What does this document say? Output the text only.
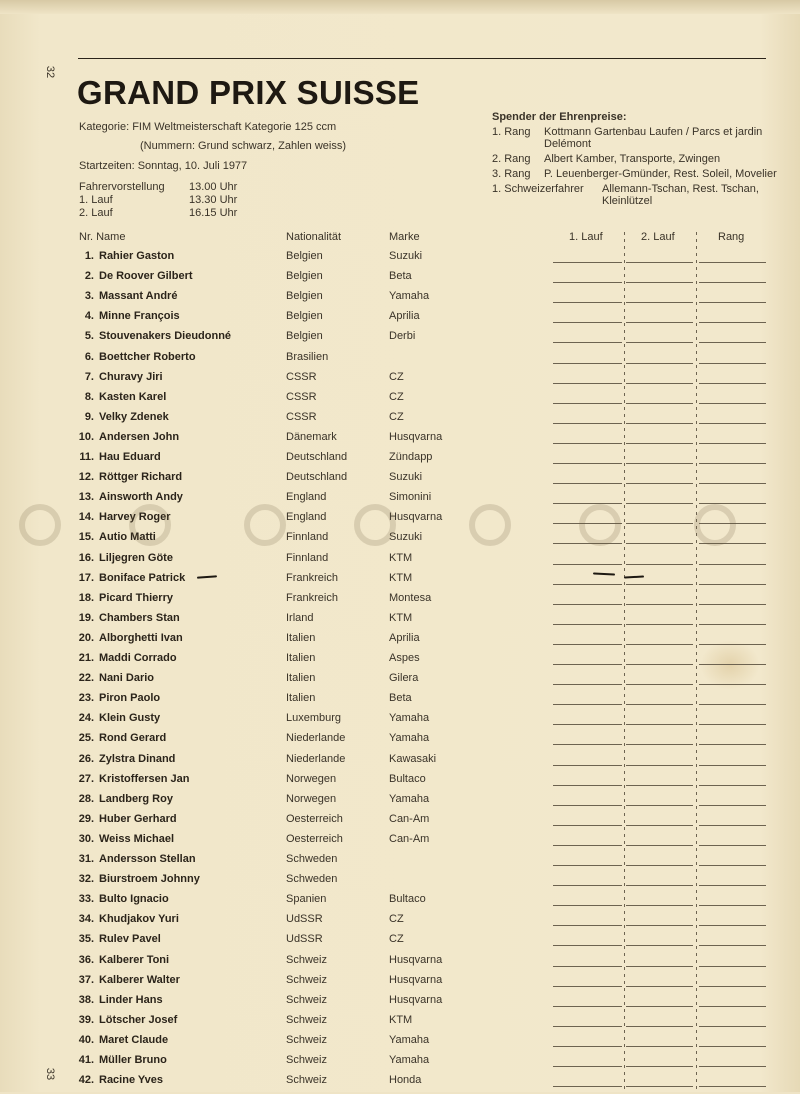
32
33
GRAND PRIX SUISSE
Kategorie: FIM Weltmeisterschaft Kategorie 125 ccm
(Nummern: Grund schwarz, Zahlen weiss)
Startzeiten: Sonntag, 10. Juli 1977
Fahrervorstellung	13.00 Uhr
1. Lauf	13.30 Uhr
2. Lauf	16.15 Uhr
Spender der Ehrenpreise:
1. Rang	Kottmann Gartenbau Laufen / Parcs et jardin Delémont
2. Rang	Albert Kamber, Transporte, Zwingen
3. Rang	P. Leuenberger-Gmünder, Rest. Soleil, Movelier
1. Schweizerfahrer	Allemann-Tschan, Rest. Tschan, Kleinlützel
Nr. Name	Nationalität	Marke	1. Lauf	2. Lauf	Rang
1. Rahier Gaston	Belgien	Suzuki
2. De Roover Gilbert	Belgien	Beta
3. Massant André	Belgien	Yamaha
4. Minne François	Belgien	Aprilia
5. Stouvenakers Dieudonné	Belgien	Derbi
6. Boettcher Roberto	Brasilien
7. Churavy Jiri	CSSR	CZ
8. Kasten Karel	CSSR	CZ
9. Velky Zdenek	CSSR	CZ
10. Andersen John	Dänemark	Husqvarna
11. Hau Eduard	Deutschland	Zündapp
12. Röttger Richard	Deutschland	Suzuki
13. Ainsworth Andy	England	Simonini
14. Harvey Roger	England	Husqvarna
15. Autio Matti	Finnland	Suzuki
16. Liljegren Göte	Finnland	KTM
17. Boniface Patrick	Frankreich	KTM
18. Picard Thierry	Frankreich	Montesa
19. Chambers Stan	Irland	KTM
20. Alborghetti Ivan	Italien	Aprilia
21. Maddi Corrado	Italien	Aspes
22. Nani Dario	Italien	Gilera
23. Piron Paolo	Italien	Beta
24. Klein Gusty	Luxemburg	Yamaha
25. Rond Gerard	Niederlande	Yamaha
26. Zylstra Dinand	Niederlande	Kawasaki
27. Kristoffersen Jan	Norwegen	Bultaco
28. Landberg Roy	Norwegen	Yamaha
29. Huber Gerhard	Oesterreich	Can-Am
30. Weiss Michael	Oesterreich	Can-Am
31. Andersson Stellan	Schweden
32. Biurstroem Johnny	Schweden
33. Bulto Ignacio	Spanien	Bultaco
34. Khudjakov Yuri	UdSSR	CZ
35. Rulev Pavel	UdSSR	CZ
36. Kalberer Toni	Schweiz	Husqvarna
37. Kalberer Walter	Schweiz	Husqvarna
38. Linder Hans	Schweiz	Husqvarna
39. Lötscher Josef	Schweiz	KTM
40. Maret Claude	Schweiz	Yamaha
41. Müller Bruno	Schweiz	Yamaha
42. Racine Yves	Schweiz	Honda
